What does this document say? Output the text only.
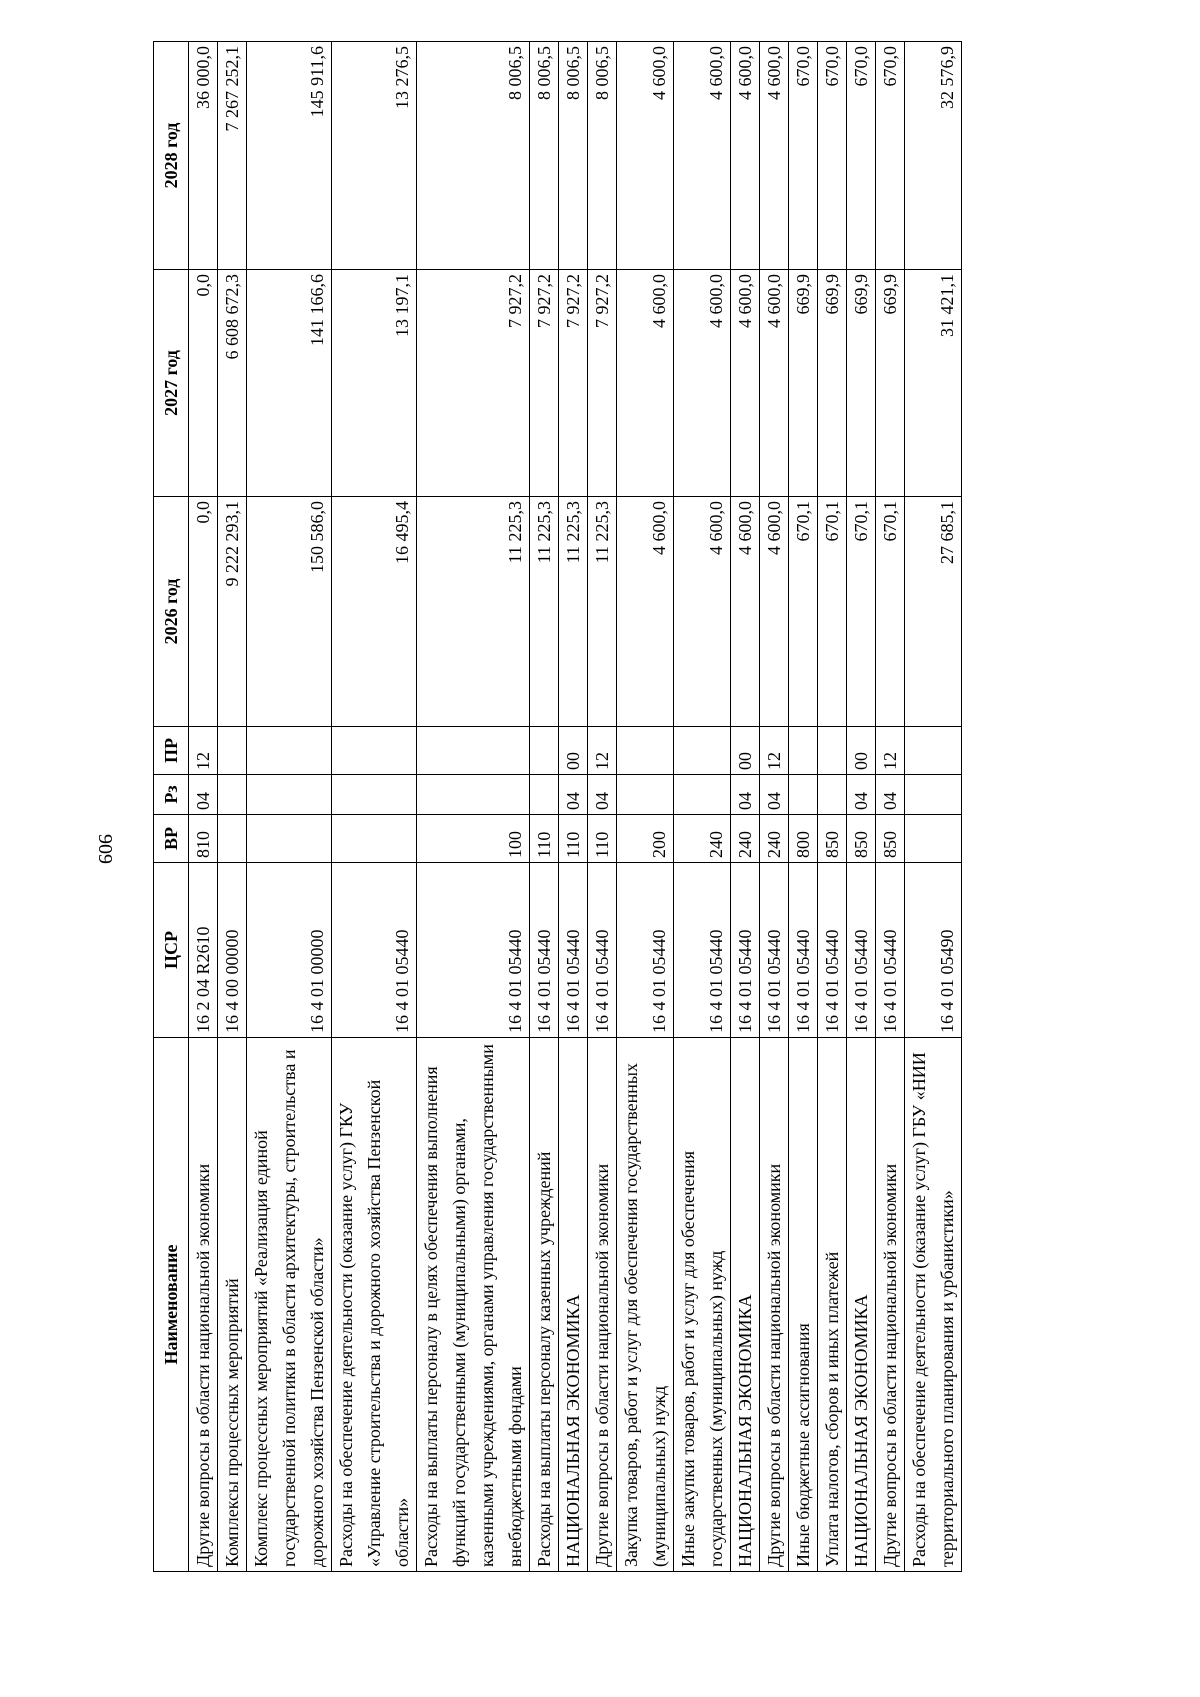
909
Наименование	ЦСР	ВР	Рз	ПР	2026 год	2027 год	2028 год
Другие вопросы в области национальной экономики	16 2 04 R2610	810	04	12	0,0	0,0	36 000,0
Комплексы процессных мероприятий	16 4 00 00000				9 222 293,1	6 608 672,3	7 267 252,1
Комплекс процессных мероприятий «Реализация единой государственной политики в области архитектуры, строительства и дорожного хозяйства Пензенской области»	16 4 01 00000				150 586,0	141 166,6	145 911,6
Расходы на обеспечение деятельности (оказание услуг) ГКУ «Управление строительства и дорожного хозяйства Пензенской области»	16 4 01 05440				16 495,4	13 197,1	13 276,5
Расходы на выплаты персоналу в целях обеспечения выполнения функций государственными (муниципальными) органами, казенными учреждениями, органами управления государственными внебюджетными фондами	16 4 01 05440	100			11 225,3	7 927,2	8 006,5
Расходы на выплаты персоналу казенных учреждений	16 4 01 05440	110			11 225,3	7 927,2	8 006,5
НАЦИОНАЛЬНАЯ ЭКОНОМИКА	16 4 01 05440	110	04	00	11 225,3	7 927,2	8 006,5
Другие вопросы в области национальной экономики	16 4 01 05440	110	04	12	11 225,3	7 927,2	8 006,5
Закупка товаров, работ и услуг для обеспечения государственных (муниципальных) нужд	16 4 01 05440	200			4 600,0	4 600,0	4 600,0
Иные закупки товаров, работ и услуг для обеспечения государственных (муниципальных) нужд	16 4 01 05440	240			4 600,0	4 600,0	4 600,0
НАЦИОНАЛЬНАЯ ЭКОНОМИКА	16 4 01 05440	240	04	00	4 600,0	4 600,0	4 600,0
Другие вопросы в области национальной экономики	16 4 01 05440	240	04	12	4 600,0	4 600,0	4 600,0
Иные бюджетные ассигнования	16 4 01 05440	800			670,1	669,9	670,0
Уплата налогов, сборов и иных платежей	16 4 01 05440	850			670,1	669,9	670,0
НАЦИОНАЛЬНАЯ ЭКОНОМИКА	16 4 01 05440	850	04	00	670,1	669,9	670,0
Другие вопросы в области национальной экономики	16 4 01 05440	850	04	12	670,1	669,9	670,0
Расходы на обеспечение деятельности (оказание услуг) ГБУ «НИИ территориального планирования и урбанистики»	16 4 01 05490				27 685,1	31 421,1	32 576,9
